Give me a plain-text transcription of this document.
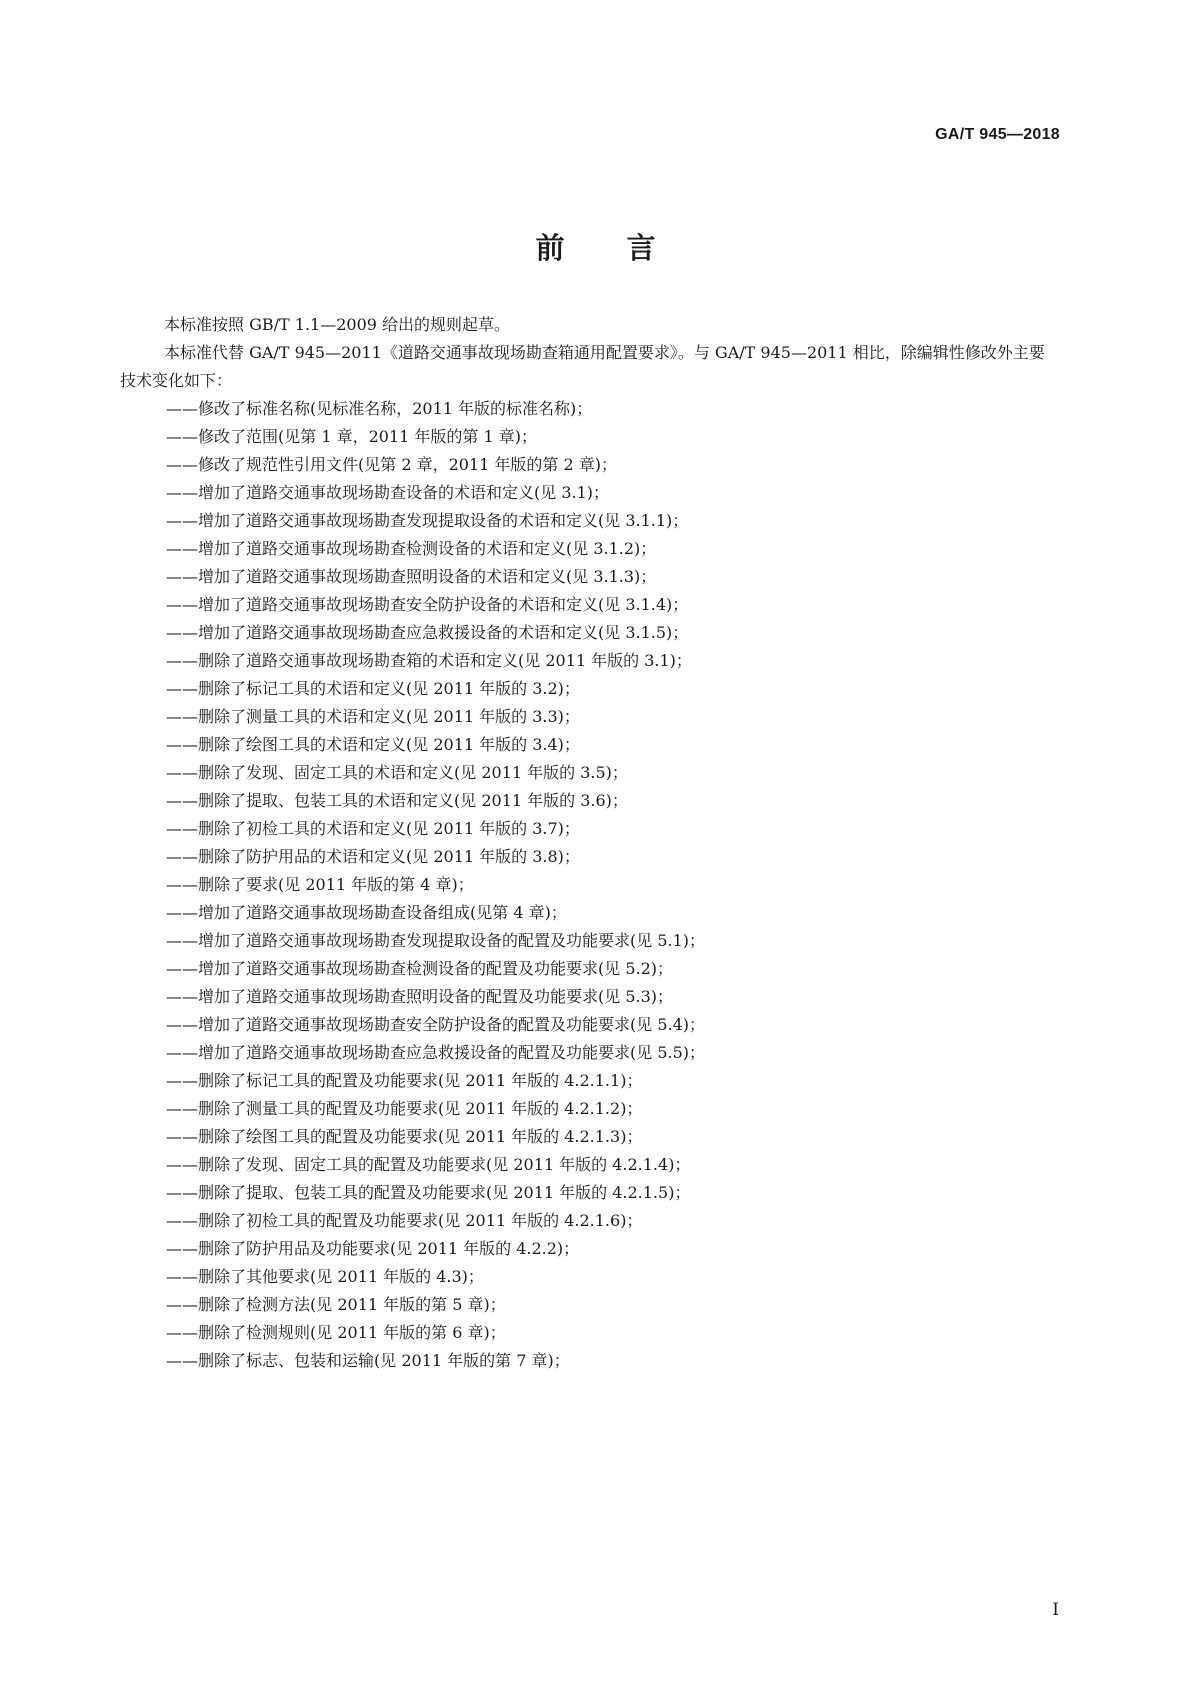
GA/T 945—2018
前 言

本标准按照 GB/T 1.1—2009 给出的规则起草。

本标准代替 GA/T 945—2011《道路交通事故现场勘查箱通用配置要求》。与 GA/T 945—2011 相比，除编辑性修改外主要技术变化如下：

——修改了标准名称(见标准名称，2011 年版的标准名称)；

——修改了范围(见第 1 章，2011 年版的第 1 章)；

——修改了规范性引用文件(见第 2 章，2011 年版的第 2 章)；

——增加了道路交通事故现场勘查设备的术语和定义(见 3.1)；

——增加了道路交通事故现场勘查发现提取设备的术语和定义(见 3.1.1)；

——增加了道路交通事故现场勘查检测设备的术语和定义(见 3.1.2)；

——增加了道路交通事故现场勘查照明设备的术语和定义(见 3.1.3)；

——增加了道路交通事故现场勘查安全防护设备的术语和定义(见 3.1.4)；

——增加了道路交通事故现场勘查应急救援设备的术语和定义(见 3.1.5)；

——删除了道路交通事故现场勘查箱的术语和定义(见 2011 年版的 3.1)；

——删除了标记工具的术语和定义(见 2011 年版的 3.2)；

——删除了测量工具的术语和定义(见 2011 年版的 3.3)；

——删除了绘图工具的术语和定义(见 2011 年版的 3.4)；

——删除了发现、固定工具的术语和定义(见 2011 年版的 3.5)；

——删除了提取、包装工具的术语和定义(见 2011 年版的 3.6)；

——删除了初检工具的术语和定义(见 2011 年版的 3.7)；

——删除了防护用品的术语和定义(见 2011 年版的 3.8)；

——删除了要求(见 2011 年版的第 4 章)；

——增加了道路交通事故现场勘查设备组成(见第 4 章)；

——增加了道路交通事故现场勘查发现提取设备的配置及功能要求(见 5.1)；

——增加了道路交通事故现场勘查检测设备的配置及功能要求(见 5.2)；

——增加了道路交通事故现场勘查照明设备的配置及功能要求(见 5.3)；

——增加了道路交通事故现场勘查安全防护设备的配置及功能要求(见 5.4)；

——增加了道路交通事故现场勘查应急救援设备的配置及功能要求(见 5.5)；

——删除了标记工具的配置及功能要求(见 2011 年版的 4.2.1.1)；

——删除了测量工具的配置及功能要求(见 2011 年版的 4.2.1.2)；

——删除了绘图工具的配置及功能要求(见 2011 年版的 4.2.1.3)；

——删除了发现、固定工具的配置及功能要求(见 2011 年版的 4.2.1.4)；

——删除了提取、包装工具的配置及功能要求(见 2011 年版的 4.2.1.5)；

——删除了初检工具的配置及功能要求(见 2011 年版的 4.2.1.6)；

——删除了防护用品及功能要求(见 2011 年版的 4.2.2)；

——删除了其他要求(见 2011 年版的 4.3)；

——删除了检测方法(见 2011 年版的第 5 章)；

——删除了检测规则(见 2011 年版的第 6 章)；

——删除了标志、包装和运输(见 2011 年版的第 7 章)；

I
